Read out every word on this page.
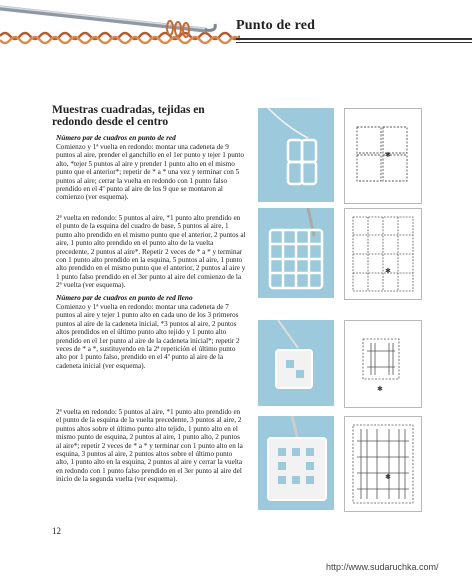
Punto de red
Muestras cuadradas, tejidas en redondo desde el centro
Número par de cuadros en punto de red
Comienzo y 1ª vuelta en redondo: montar una cadeneta de 9 puntos al aire, prender el ganchillo en el 1er punto y tejer 1 punto alto, *tejer 5 puntos al aire y prender 1 punto alto en el mismo punto que el anterior*; repetir de * a * una vez y terminar con 5 puntos al aire; cerrar la vuelta en redondo con 1 punto falso prendido en el 4º punto al aire de los 9 que se montaron al comienzo (ver esquema).
2ª vuelta en redondo: 5 puntos al aire, *1 punto alto prendido en el punto de la esquina del cuadro de base, 5 puntos al aire, 1 punto alto prendido en el mismo punto que el anterior, 2 puntos al aire, 1 punto alto prendido en el punto alto de la vuelta precedente, 2 puntos al aire*. Repetir 2 veces de * a * y terminar con 1 punto alto prendido en la esquina, 5 puntos al aire, 1 punto alto prendido en el mismo punto que el anterior, 2 puntos al aire y 1 punto falso prendido en el 3er punto al aire del comienzo de la 2ª vuelta (ver esquema).
Número par de cuadros en punto de red lleno
Comienzo y 1ª vuelta en redondo: montar una cadeneta de 7 puntos al aire y tejer 1 punto alto en cada uno de los 3 primeros puntos al aire de la cadeneta inicial, *3 puntos al aire, 2 puntos altos prendidos en el último punto alto tejido y 1 punto alto prendido en el 1er punto al aire de la cadeneta inicial*; repetir 2 veces de * a *, sustituyendo en la 2ª repetición el último punto alto por 1 punto falso, prendido en el 4º punto al aire de la cadeneta inicial (ver esquema).
2ª vuelta en redondo: 5 puntos al aire, *1 punto alto prendido en el punto de la esquina de la vuelta precedente, 3 puntos al aire, 2 puntos altos sobre el último punto alto tejido, 1 punto alto en el mismo punto de esquina, 2 puntos al aire, 1 punto alto, 2 puntos al aire*; repetir 2 veces de * a * y terminar con 1 punto alto en la esquina, 3 puntos al aire, 2 puntos altos sobre el último punto alto, 1 punto alto en la esquina, 2 puntos al aire y cerrar la vuelta en redondo con 1 punto falso prendido en el 3er punto al aire del inicio de la segunda vuelta (ver esquema).
✱
✱
✱
✱
12
http://www.sudaruchka.com/
